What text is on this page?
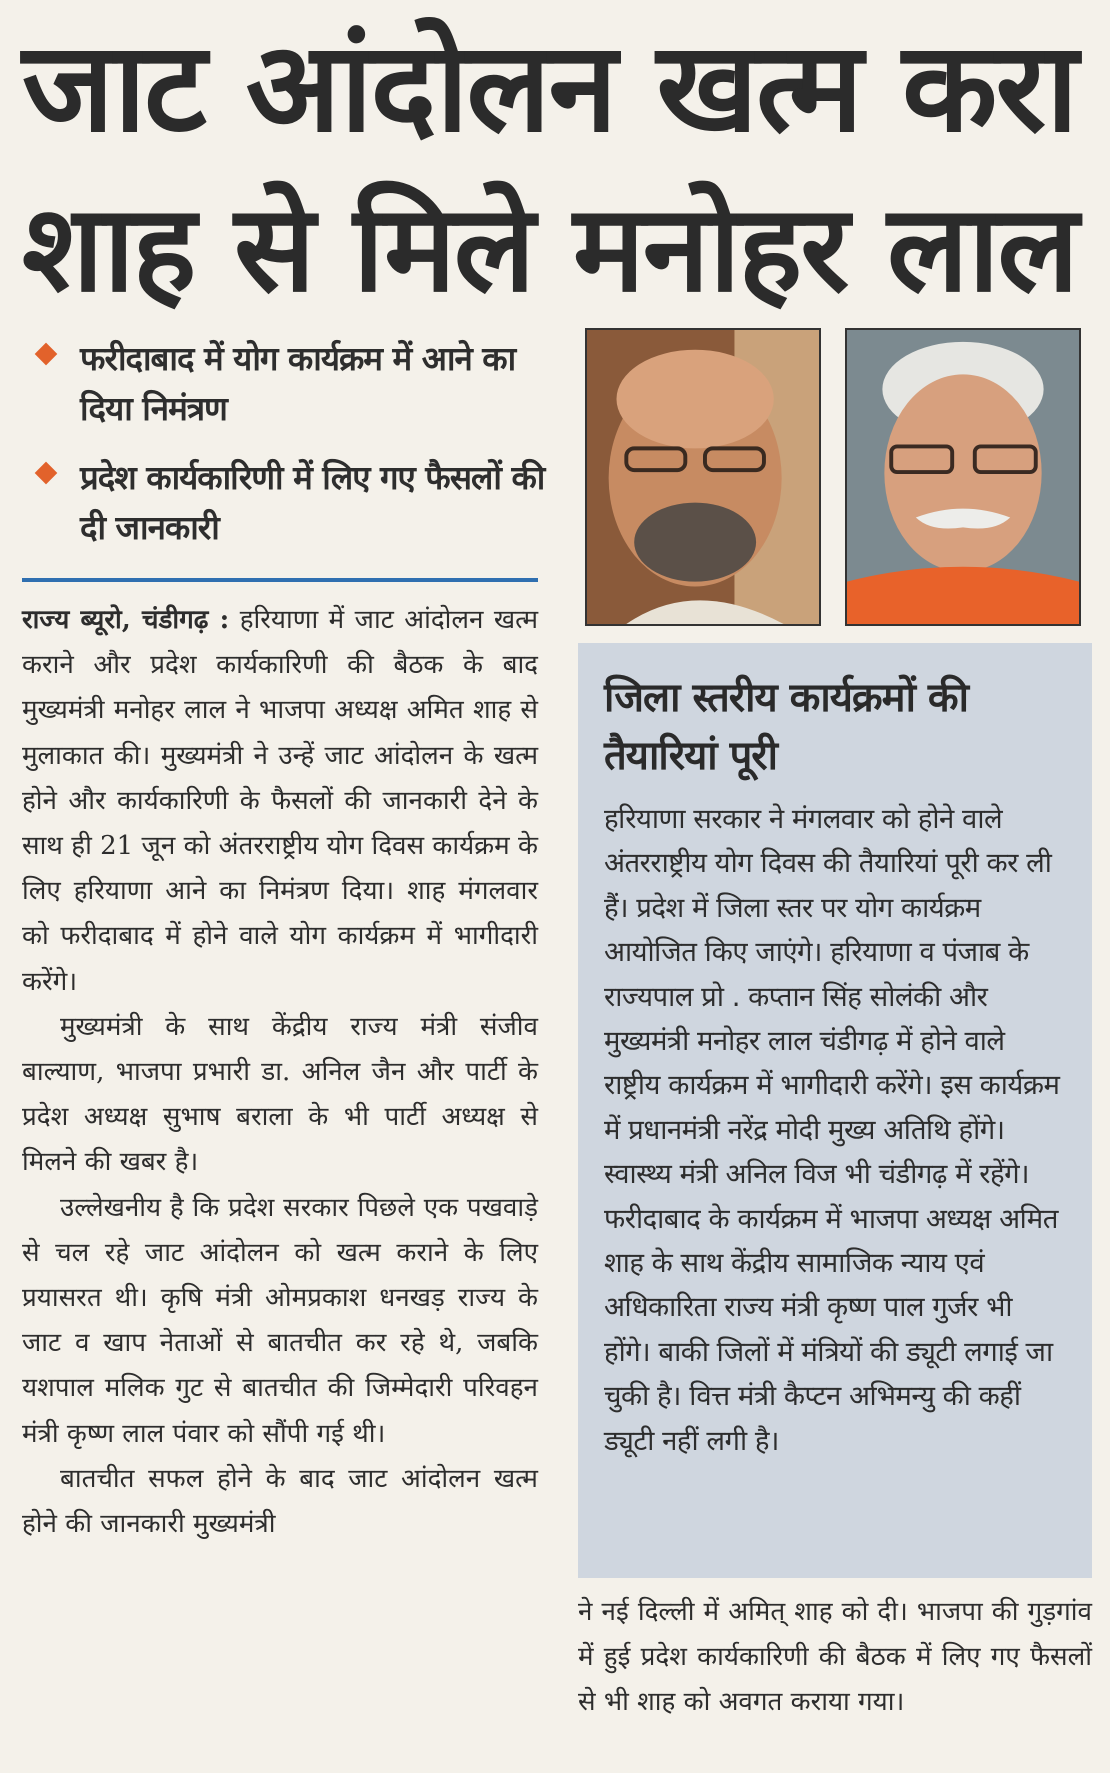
जाट आंदोलन खत्म करा
शाह से मिले मनोहर लाल
फरीदाबाद में योग कार्यक्रम में आने का दिया निमंत्रण
प्रदेश कार्यकारिणी में लिए गए फैसलों की दी जानकारी

राज्य ब्यूरो, चंडीगढ़ : हरियाणा में जाट आंदोलन खत्म कराने और प्रदेश कार्यकारिणी की बैठक के बाद मुख्यमंत्री मनोहर लाल ने भाजपा अध्यक्ष अमित शाह से मुलाकात की। मुख्यमंत्री ने उन्हें जाट आंदोलन के खत्म होने और कार्यकारिणी के फैसलों की जानकारी देने के साथ ही 21 जून को अंतरराष्ट्रीय योग दिवस कार्यक्रम के लिए हरियाणा आने का निमंत्रण दिया। शाह मंगलवार को फरीदाबाद में होने वाले योग कार्यक्रम में भागीदारी करेंगे।

मुख्यमंत्री के साथ केंद्रीय राज्य मंत्री संजीव बाल्याण, भाजपा प्रभारी डा. अनिल जैन और पार्टी के प्रदेश अध्यक्ष सुभाष बराला के भी पार्टी अध्यक्ष से मिलने की खबर है।

उल्लेखनीय है कि प्रदेश सरकार पिछले एक पखवाड़े से चल रहे जाट आंदोलन को खत्म कराने के लिए प्रयासरत थी। कृषि मंत्री ओमप्रकाश धनखड़ राज्य के जाट व खाप नेताओं से बातचीत कर रहे थे, जबकि यशपाल मलिक गुट से बातचीत की जिम्मेदारी परिवहन मंत्री कृष्ण लाल पंवार को सौंपी गई थी।

बातचीत सफल होने के बाद जाट आंदोलन खत्म होने की जानकारी मुख्यमंत्री

जिला स्तरीय कार्यक्रमों की तैयारियां पूरी

हरियाणा सरकार ने मंगलवार को होने वाले अंतरराष्ट्रीय योग दिवस की तैयारियां पूरी कर ली हैं। प्रदेश में जिला स्तर पर योग कार्यक्रम आयोजित किए जाएंगे। हरियाणा व पंजाब के राज्यपाल प्रो . कप्तान सिंह सोलंकी और मुख्यमंत्री मनोहर लाल चंडीगढ़ में होने वाले राष्ट्रीय कार्यक्रम में भागीदारी करेंगे। इस कार्यक्रम में प्रधानमंत्री नरेंद्र मोदी मुख्य अतिथि होंगे। स्वास्थ्य मंत्री अनिल विज भी चंडीगढ़ में रहेंगे। फरीदाबाद के कार्यक्रम में भाजपा अध्यक्ष अमित शाह के साथ केंद्रीय सामाजिक न्याय एवं अधिकारिता राज्य मंत्री कृष्ण पाल गुर्जर भी होंगे। बाकी जिलों में मंत्रियों की ड्यूटी लगाई जा चुकी है। वित्त मंत्री कैप्टन अभिमन्यु की कहीं ड्यूटी नहीं लगी है।

ने नई दिल्ली में अमित् शाह को दी। भाजपा की गुड़गांव में हुई प्रदेश कार्यकारिणी की बैठक में लिए गए फैसलों से भी शाह को अवगत कराया गया।
